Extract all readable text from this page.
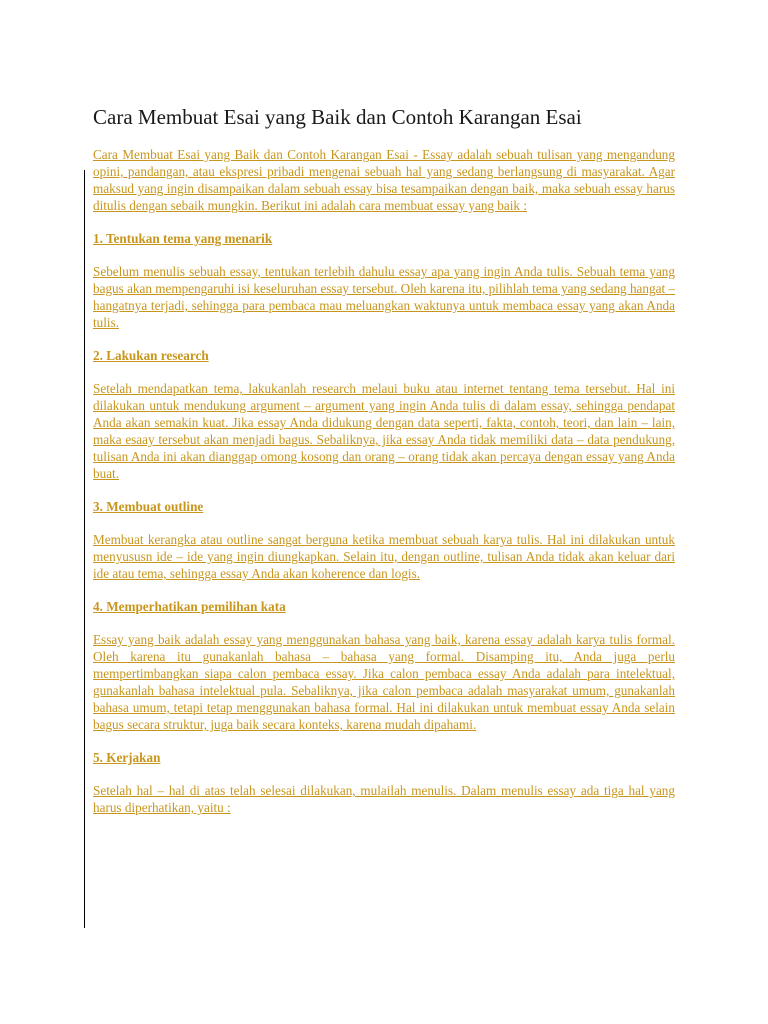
Cara Membuat Esai yang Baik dan Contoh Karangan Esai

Cara Membuat Esai yang Baik dan Contoh Karangan Esai - Essay adalah sebuah tulisan yang mengandung opini, pandangan, atau ekspresi pribadi mengenai sebuah hal yang sedang berlangsung di masyarakat. Agar maksud yang ingin disampaikan dalam sebuah essay bisa tesampaikan dengan baik, maka sebuah essay harus ditulis dengan sebaik mungkin. Berikut ini adalah cara membuat essay yang baik :

1. Tentukan tema yang menarik

Sebelum menulis sebuah essay, tentukan terlebih dahulu essay apa yang ingin Anda tulis. Sebuah tema yang bagus akan mempengaruhi isi keseluruhan essay tersebut. Oleh karena itu, pilihlah tema yang sedang hangat – hangatnya terjadi, sehingga para pembaca mau meluangkan waktunya untuk membaca essay yang akan Anda tulis.

2. Lakukan research

Setelah mendapatkan tema, lakukanlah research melaui buku atau internet tentang tema tersebut. Hal ini dilakukan untuk mendukung argument – argument yang ingin Anda tulis di dalam essay, sehingga pendapat Anda akan semakin kuat. Jika essay Anda didukung dengan data seperti, fakta, contoh, teori, dan lain – lain, maka esaay tersebut akan menjadi bagus. Sebaliknya, jika essay Anda tidak memiliki data – data pendukung, tulisan Anda ini akan dianggap omong kosong dan orang – orang tidak akan percaya dengan essay yang Anda buat.

3. Membuat outline

Membuat kerangka atau outline sangat berguna ketika membuat sebuah karya tulis. Hal ini dilakukan untuk menyususn ide – ide yang ingin diungkapkan. Selain itu, dengan outline, tulisan Anda tidak akan keluar dari ide atau tema, sehingga essay Anda akan koherence dan logis.

4. Memperhatikan pemilihan kata

Essay yang baik adalah essay yang menggunakan bahasa yang baik, karena essay adalah karya tulis formal. Oleh karena itu gunakanlah bahasa – bahasa yang formal. Disamping itu, Anda juga perlu mempertimbangkan siapa calon pembaca essay. Jika calon pembaca essay Anda adalah para intelektual, gunakanlah bahasa intelektual pula. Sebaliknya, jika calon pembaca adalah masyarakat umum, gunakanlah bahasa umum, tetapi tetap menggunakan bahasa formal. Hal ini dilakukan untuk membuat essay Anda selain bagus secara struktur, juga baik secara konteks, karena mudah dipahami.

5. Kerjakan

Setelah hal – hal di atas telah selesai dilakukan, mulailah menulis. Dalam menulis essay ada tiga hal yang harus diperhatikan, yaitu :
